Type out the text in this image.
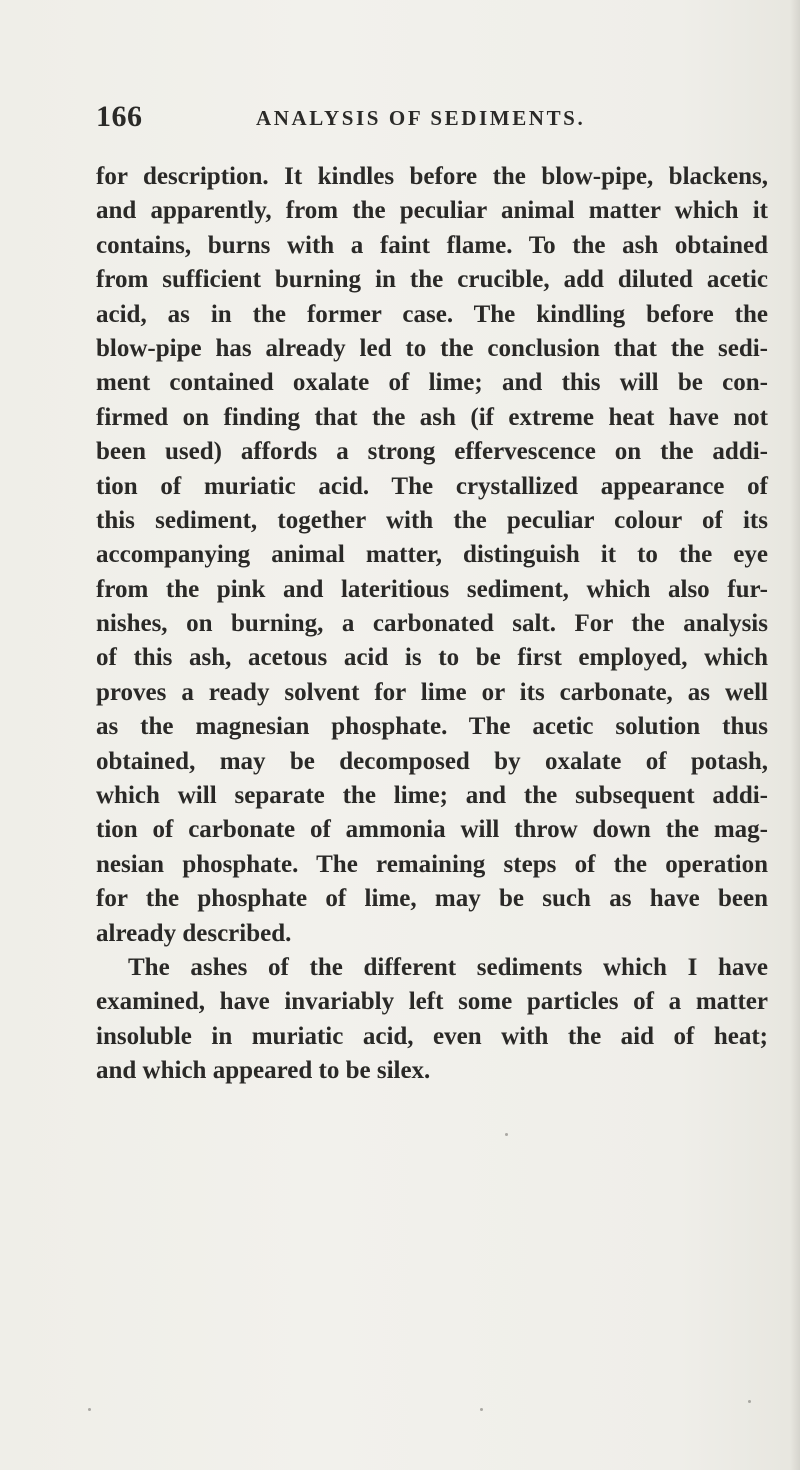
166	ANALYSIS OF SEDIMENTS.
for description. It kindles before the blow-pipe, blackens,
and apparently, from the peculiar animal matter which it
contains, burns with a faint flame. To the ash obtained
from sufficient burning in the crucible, add diluted acetic
acid, as in the former case. The kindling before the
blow-pipe has already led to the conclusion that the sedi-
ment contained oxalate of lime; and this will be con-
firmed on finding that the ash (if extreme heat have not
been used) affords a strong effervescence on the addi-
tion of muriatic acid. The crystallized appearance of
this sediment, together with the peculiar colour of its
accompanying animal matter, distinguish it to the eye
from the pink and lateritious sediment, which also fur-
nishes, on burning, a carbonated salt. For the analysis
of this ash, acetous acid is to be first employed, which
proves a ready solvent for lime or its carbonate, as well
as the magnesian phosphate. The acetic solution thus
obtained, may be decomposed by oxalate of potash,
which will separate the lime; and the subsequent addi-
tion of carbonate of ammonia will throw down the mag-
nesian phosphate. The remaining steps of the operation
for the phosphate of lime, may be such as have been
already described.
The ashes of the different sediments which I have
examined, have invariably left some particles of a matter
insoluble in muriatic acid, even with the aid of heat;
and which appeared to be silex.
